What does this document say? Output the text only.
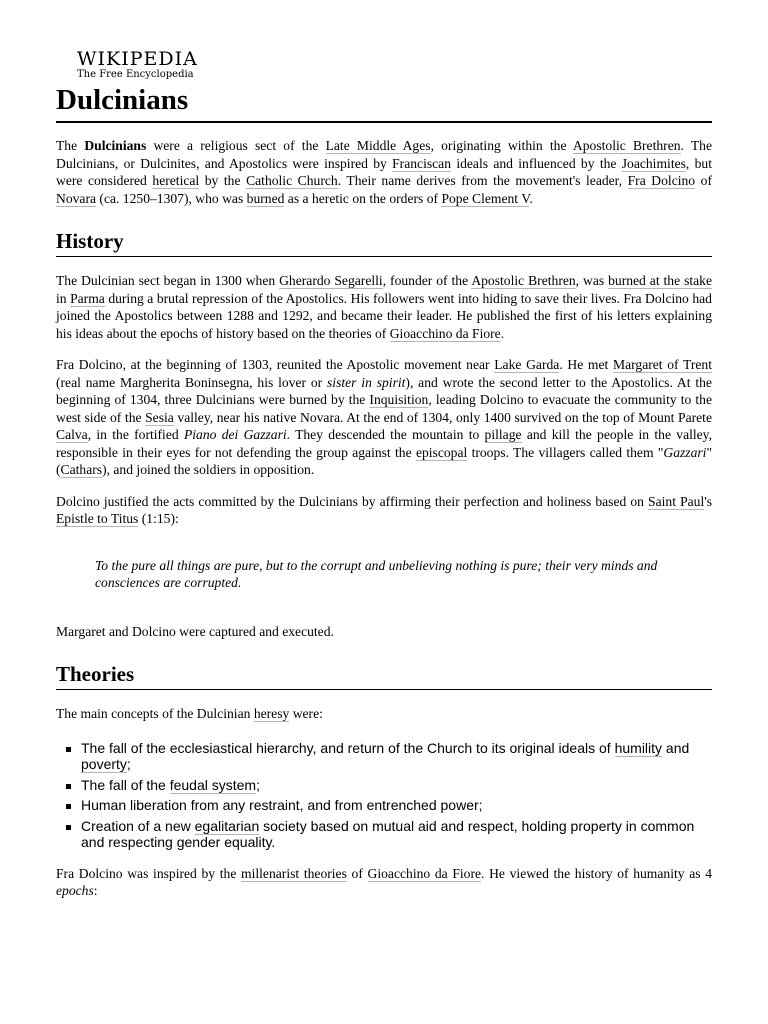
WIKIPEDIA
The Free Encyclopedia
Dulcinians

The Dulcinians were a religious sect of the Late Middle Ages, originating within the Apostolic Brethren. The Dulcinians, or Dulcinites, and Apostolics were inspired by Franciscan ideals and influenced by the Joachimites, but were considered heretical by the Catholic Church. Their name derives from the movement's leader, Fra Dolcino of Novara (ca. 1250–1307), who was burned as a heretic on the orders of Pope Clement V.

History

The Dulcinian sect began in 1300 when Gherardo Segarelli, founder of the Apostolic Brethren, was burned at the stake in Parma during a brutal repression of the Apostolics. His followers went into hiding to save their lives. Fra Dolcino had joined the Apostolics between 1288 and 1292, and became their leader. He published the first of his letters explaining his ideas about the epochs of history based on the theories of Gioacchino da Fiore.

Fra Dolcino, at the beginning of 1303, reunited the Apostolic movement near Lake Garda. He met Margaret of Trent (real name Margherita Boninsegna, his lover or sister in spirit), and wrote the second letter to the Apostolics. At the beginning of 1304, three Dulcinians were burned by the Inquisition, leading Dolcino to evacuate the community to the west side of the Sesia valley, near his native Novara. At the end of 1304, only 1400 survived on the top of Mount Parete Calva, in the fortified Piano dei Gazzari. They descended the mountain to pillage and kill the people in the valley, responsible in their eyes for not defending the group against the episcopal troops. The villagers called them "Gazzari" (Cathars), and joined the soldiers in opposition.

Dolcino justified the acts committed by the Dulcinians by affirming their perfection and holiness based on Saint Paul's Epistle to Titus (1:15):

To the pure all things are pure, but to the corrupt and unbelieving nothing is pure; their very minds and consciences are corrupted.

Margaret and Dolcino were captured and executed.

Theories

The main concepts of the Dulcinian heresy were:

The fall of the ecclesiastical hierarchy, and return of the Church to its original ideals of humility and poverty;
The fall of the feudal system;
Human liberation from any restraint, and from entrenched power;
Creation of a new egalitarian society based on mutual aid and respect, holding property in common and respecting gender equality.

Fra Dolcino was inspired by the millenarist theories of Gioacchino da Fiore. He viewed the history of humanity as 4 epochs:
